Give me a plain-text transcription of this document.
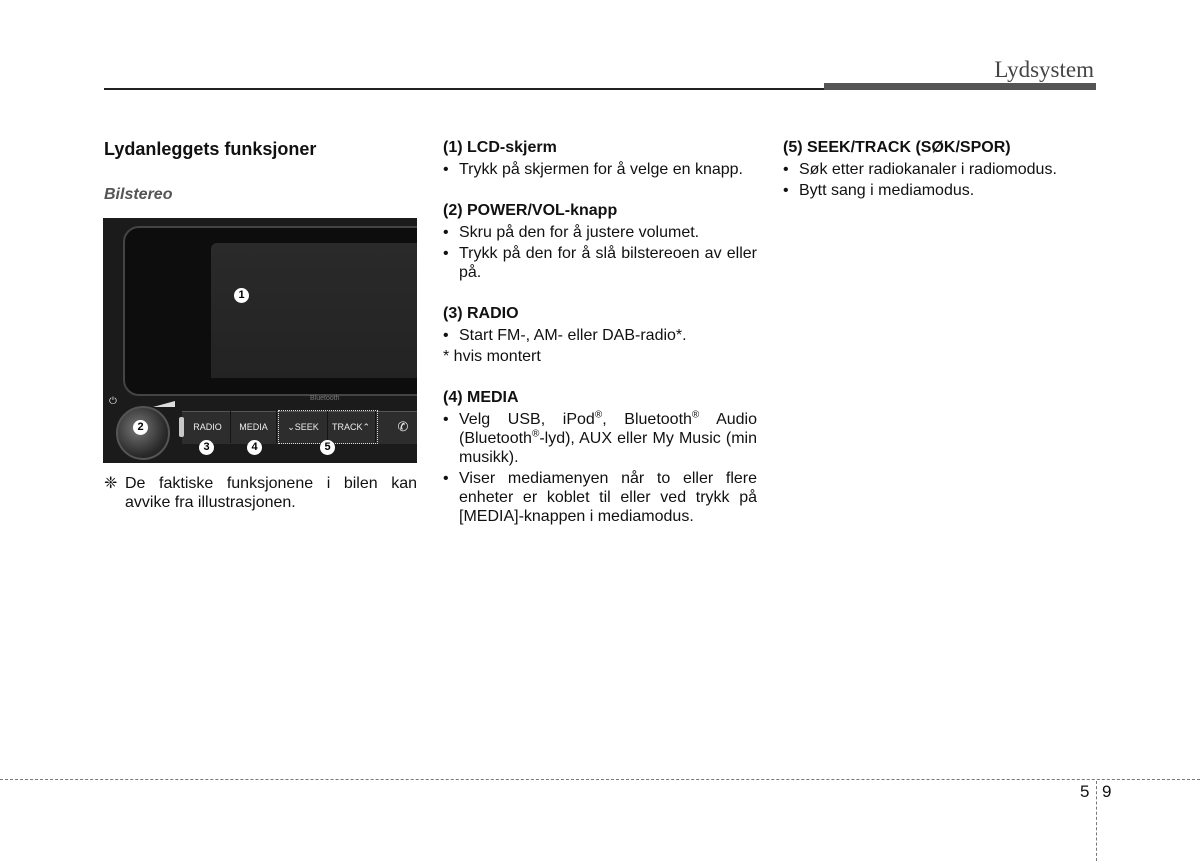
Lydsystem
Lydanleggets funksjoner
Bilstereo
Bluetooth
⏻
RADIO	MEDIA	⌄ SEEK TRACK ⌃ ✆
1
2
3	4	5
❈ De faktiske funksjonene i bilen kan avvike fra illustrasjonen.
(1) LCD-skjerm
• Trykk på skjermen for å velge en knapp.
(2) POWER/VOL-knapp
• Skru på den for å justere volumet.
• Trykk på den for å slå bilstereoen av eller på.
(3) RADIO
• Start FM-, AM- eller DAB-radio*.
* hvis montert
(4) MEDIA
• Velg USB, iPod®, Bluetooth® Audio (Bluetooth®-lyd), AUX eller My Music (min musikk).
• Viser mediamenyen når to eller flere enheter er koblet til eller ved trykk på [MEDIA]-knappen i mediamodus.
(5) SEEK/TRACK (SØK/SPOR)
• Søk etter radiokanaler i radiomodus.
• Bytt sang i mediamodus.
5 9
